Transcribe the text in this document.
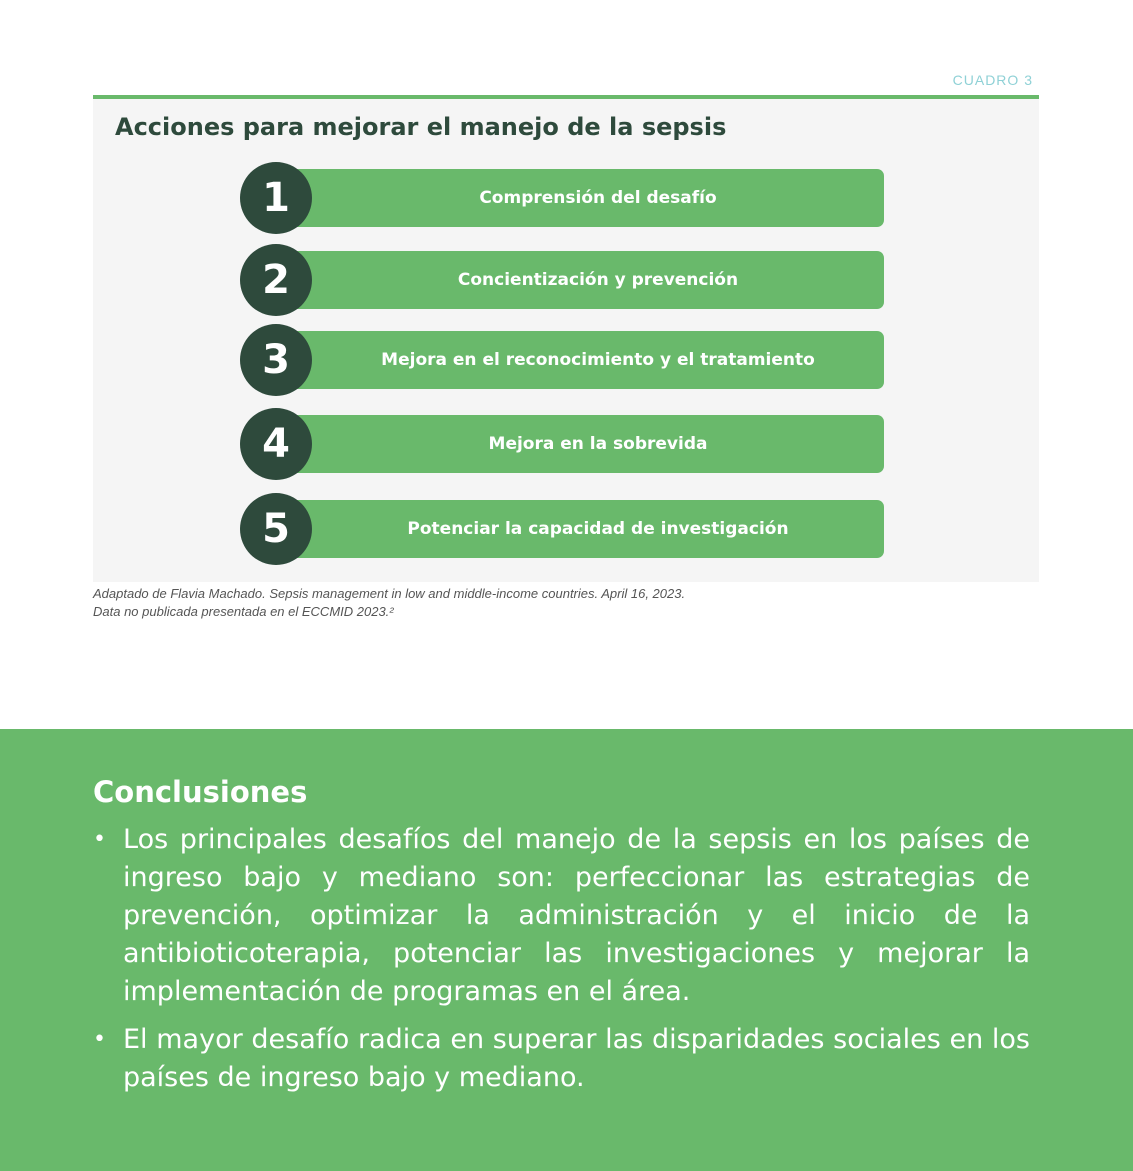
CUADRO 3
Acciones para mejorar el manejo de la sepsis
Comprensión del desafío
1
Concientización y prevención
2
Mejora en el reconocimiento y el tratamiento
3
Mejora en la sobrevida
4
Potenciar la capacidad de investigación
5
Adaptado de Flavia Machado. Sepsis management in low and middle-income countries. April 16, 2023.
Data no publicada presentada en el ECCMID 2023.²
Conclusiones
• Los principales desafíos del manejo de la sepsis en los países de ingreso bajo y mediano son: perfeccionar las estrategias de prevención, optimizar la administración y el inicio de la antibioticoterapia, potenciar las investigaciones y mejorar la implementación de programas en el área.
• El mayor desafío radica en superar las disparidades sociales en los países de ingreso bajo y mediano.
